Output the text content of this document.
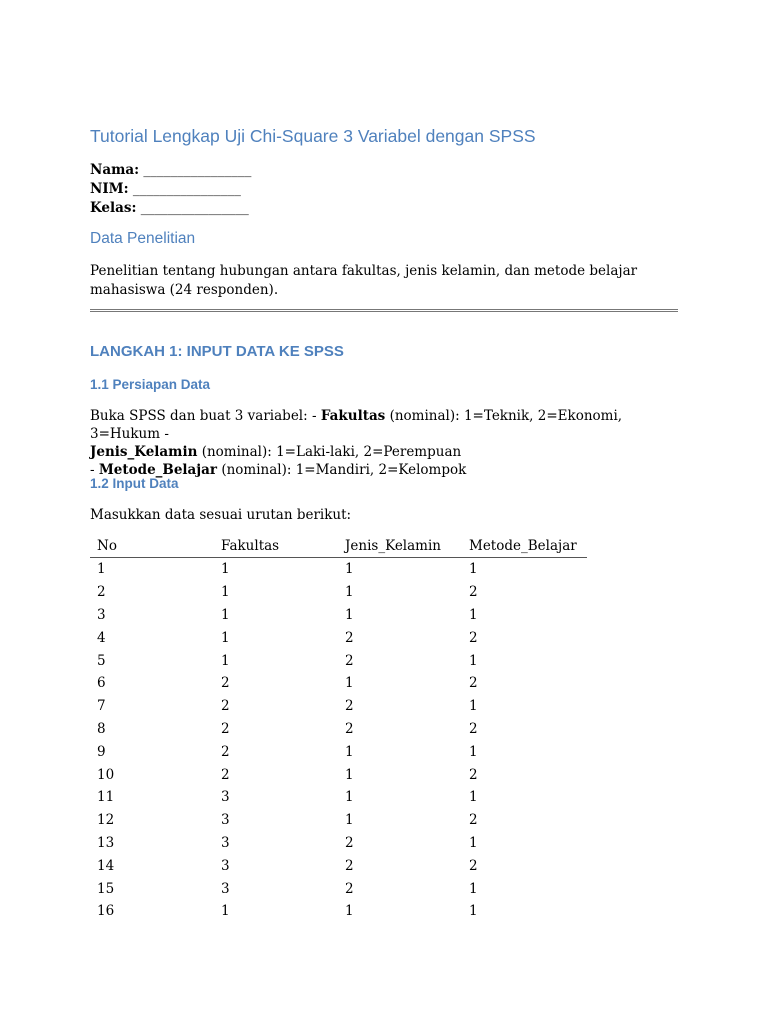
Tutorial Lengkap Uji Chi-Square 3 Variabel dengan SPSS
Nama: ________________
NIM: ________________
Kelas: ________________
Data Penelitian

Penelitian tentang hubungan antara fakultas, jenis kelamin, dan metode belajar mahasiswa (24 responden).

LANGKAH 1: INPUT DATA KE SPSS
1.1 Persiapan Data

Buka SPSS dan buat 3 variabel: - Fakultas (nominal): 1=Teknik, 2=Ekonomi, 3=Hukum -
Jenis_Kelamin (nominal): 1=Laki-laki, 2=Perempuan
- Metode_Belajar (nominal): 1=Mandiri, 2=Kelompok

1.2 Input Data

Masukkan data sesuai urutan berikut:

No	Fakultas	Jenis_Kelamin	Metode_Belajar
1	1	1	1
2	1	1	2
3	1	1	1
4	1	2	2
5	1	2	1
6	2	1	2
7	2	2	1
8	2	2	2
9	2	1	1
10	2	1	2
11	3	1	1
12	3	1	2
13	3	2	1
14	3	2	2
15	3	2	1
16	1	1	1
